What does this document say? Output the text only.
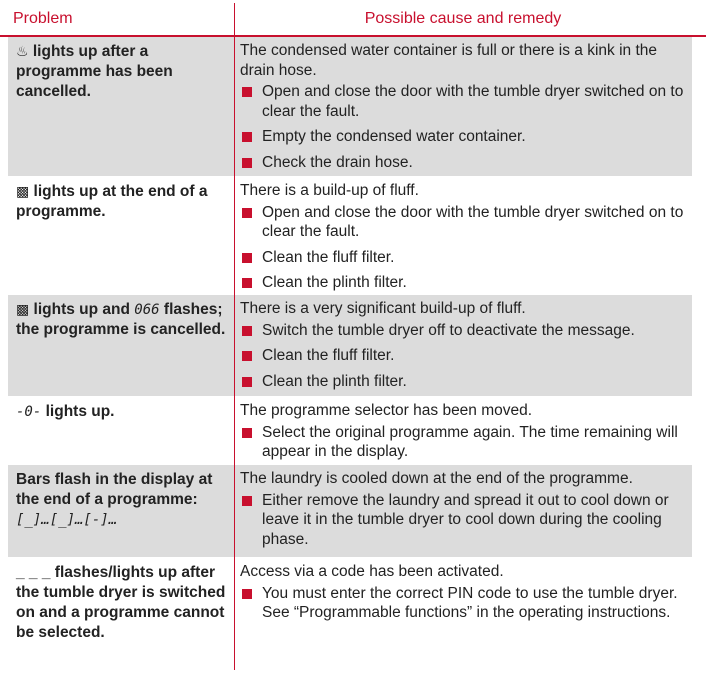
Problem	Possible cause and remedy
♨ lights up after a programme has been cancelled.

The condensed water container is full or there is a kink in the drain hose.

Open and close the door with the tumble dryer switched on to clear the fault.
Empty the condensed water container.
Check the drain hose.
▩ lights up at the end of a programme.

There is a build-up of fluff.

Open and close the door with the tumble dryer switched on to clear the fault.
Clean the fluff filter.
Clean the plinth filter.
▩ lights up and 066 flashes; the programme is cancelled.

There is a very significant build-up of fluff.

Switch the tumble dryer off to deactivate the message.
Clean the fluff filter.
Clean the plinth filter.
-0- lights up.	The programme selector has been moved.

Select the original programme again. The time remaining will appear in the display.
Bars flash in the display at the end of a programme: [_]…[_]…[-]…

The laundry is cooled down at the end of the programme.

Either remove the laundry and spread it out to cool down or leave it in the tumble dryer to cool down during the cooling phase.
_ _ _ flashes/lights up after the tumble dryer is switched on and a programme cannot be selected.

Access via a code has been activated.

You must enter the correct PIN code to use the tumble dryer. See “Programmable functions” in the operating instructions.
